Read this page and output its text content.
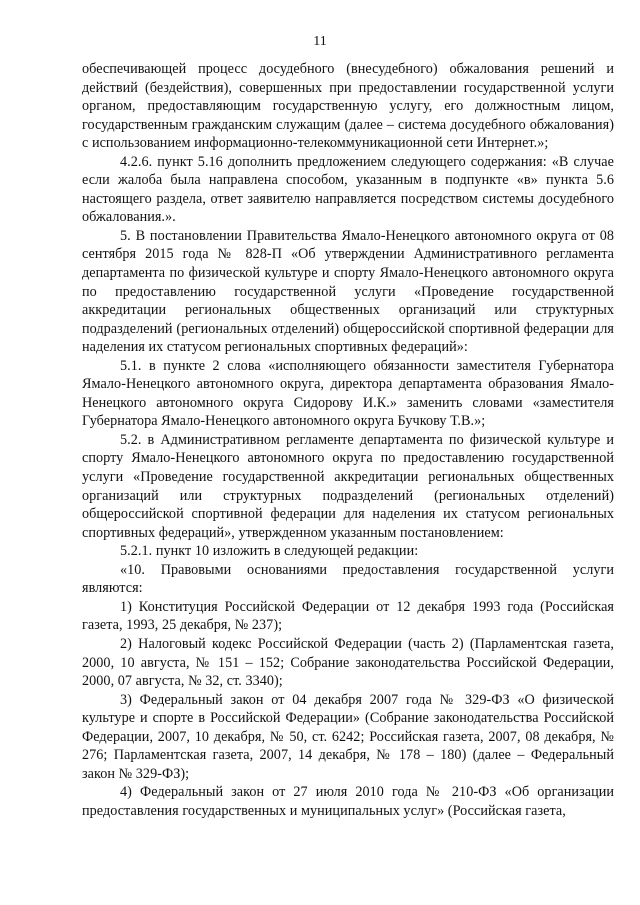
11

обеспечивающей процесс досудебного (внесудебного) обжалования решений и действий (бездействия), совершенных при предоставлении государственной услуги органом, предоставляющим государственную услугу, его должностным лицом, государственным гражданским служащим (далее – система досудебного обжалования) с использованием информационно-телекоммуникационной сети Интернет.»;

4.2.6. пункт 5.16 дополнить предложением следующего содержания: «В случае если жалоба была направлена способом, указанным в подпункте «в» пункта 5.6 настоящего раздела, ответ заявителю направляется посредством системы досудебного обжалования.».

5. В постановлении Правительства Ямало-Ненецкого автономного округа от 08 сентября 2015 года № 828-П «Об утверждении Административного регламента департамента по физической культуре и спорту Ямало-Ненецкого автономного округа по предоставлению государственной услуги «Проведение государственной аккредитации региональных общественных организаций или структурных подразделений (региональных отделений) общероссийской спортивной федерации для наделения их статусом региональных спортивных федераций»:

5.1. в пункте 2 слова «исполняющего обязанности заместителя Губернатора Ямало-Ненецкого автономного округа, директора департамента образования Ямало-Ненецкого автономного округа Сидорову И.К.» заменить словами «заместителя Губернатора Ямало-Ненецкого автономного округа Бучкову Т.В.»;

5.2. в Административном регламенте департамента по физической культуре и спорту Ямало-Ненецкого автономного округа по предоставлению государственной услуги «Проведение государственной аккредитации региональных общественных организаций или структурных подразделений (региональных отделений) общероссийской спортивной федерации для наделения их статусом региональных спортивных федераций», утвержденном указанным постановлением:

5.2.1. пункт 10 изложить в следующей редакции:

«10. Правовыми основаниями предоставления государственной услуги являются:

1) Конституция Российской Федерации от 12 декабря 1993 года (Российская газета, 1993, 25 декабря, № 237);

2) Налоговый кодекс Российской Федерации (часть 2) (Парламентская газета, 2000, 10 августа, № 151 – 152; Собрание законодательства Российской Федерации, 2000, 07 августа, № 32, ст. 3340);

3) Федеральный закон от 04 декабря 2007 года № 329-ФЗ «О физической культуре и спорте в Российской Федерации» (Собрание законодательства Российской Федерации, 2007, 10 декабря, № 50, ст. 6242; Российская газета, 2007, 08 декабря, № 276; Парламентская газета, 2007, 14 декабря, № 178 – 180) (далее – Федеральный закон № 329-ФЗ);

4) Федеральный закон от 27 июля 2010 года № 210-ФЗ «Об организации предоставления государственных и муниципальных услуг» (Российская газета,
